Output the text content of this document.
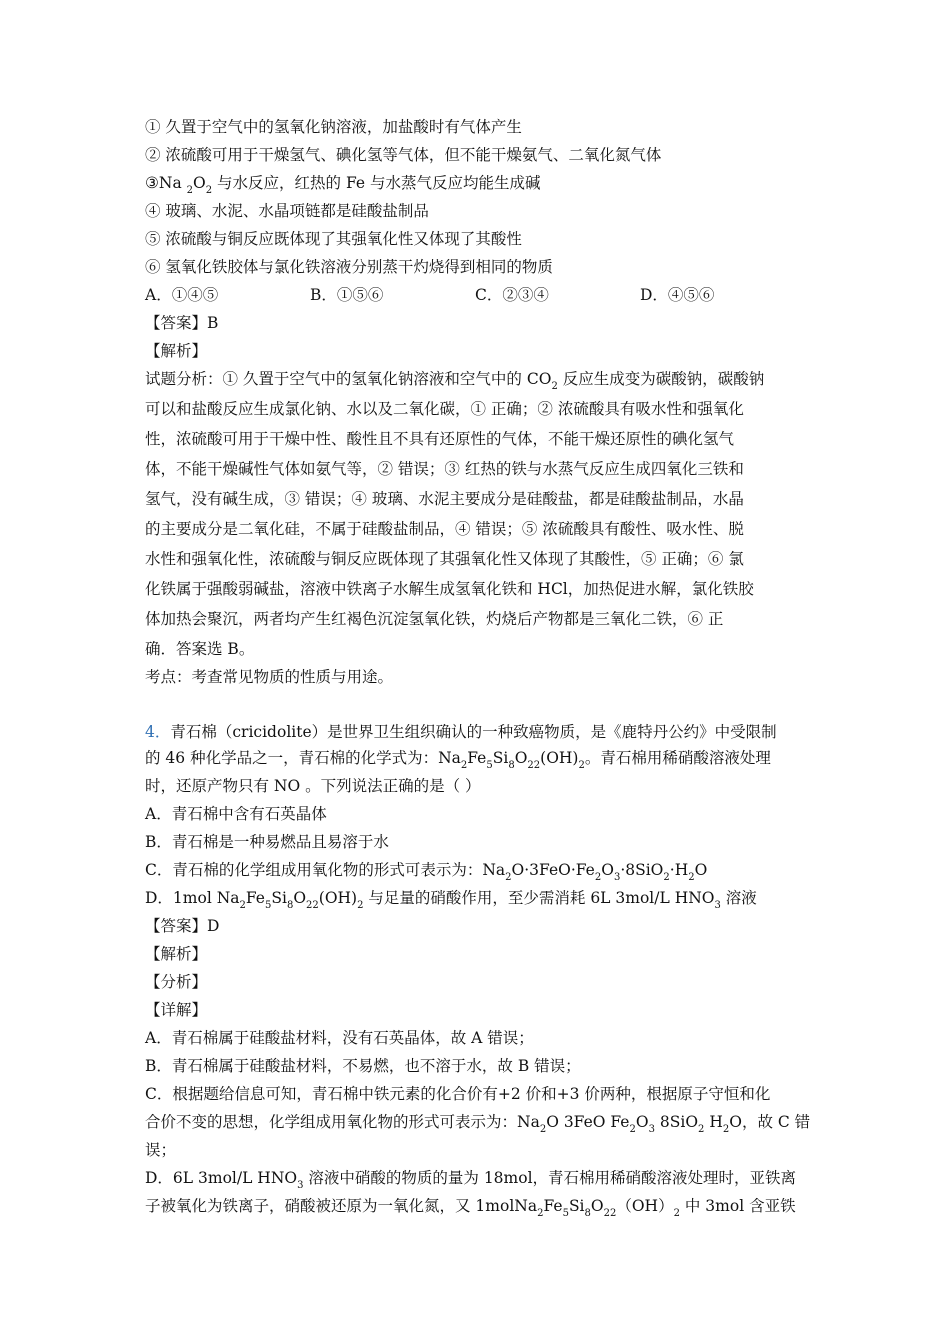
① 久置于空气中的氢氧化钠溶液，加盐酸时有气体产生
② 浓硫酸可用于干燥氢气、碘化氢等气体，但不能干燥氨气、二氧化氮气体
③Na $_2O_2$ 与水反应，红热的 Fe 与水蒸气反应均能生成碱
④ 玻璃、水泥、水晶项链都是硅酸盐制品
⑤ 浓硫酸与铜反应既体现了其强氧化性又体现了其酸性
⑥ 氢氧化铁胶体与氯化铁溶液分别蒸干灼烧得到相同的物质
A．①④⑤	B．①⑤⑥	C．②③④	D．④⑤⑥
【答案】B
【解析】
试题分析：① 久置于空气中的氢氧化钠溶液和空气中的 $CO_2$ 反应生成变为碳酸钠，碳酸钠
可以和盐酸反应生成氯化钠、水以及二氧化碳，① 正确；② 浓硫酸具有吸水性和强氧化
性，浓硫酸可用于干燥中性、酸性且不具有还原性的气体，不能干燥还原性的碘化氢气
体，不能干燥碱性气体如氨气等，② 错误；③ 红热的铁与水蒸气反应生成四氧化三铁和
氢气，没有碱生成，③ 错误；④ 玻璃、水泥主要成分是硅酸盐，都是硅酸盐制品，水晶
的主要成分是二氧化硅，不属于硅酸盐制品，④ 错误；⑤ 浓硫酸具有酸性、吸水性、脱
水性和强氧化性，浓硫酸与铜反应既体现了其强氧化性又体现了其酸性，⑤ 正确；⑥ 氯
化铁属于强酸弱碱盐，溶液中铁离子水解生成氢氧化铁和 HCl，加热促进水解，氯化铁胶
体加热会聚沉，两者均产生红褐色沉淀氢氧化铁，灼烧后产物都是三氧化二铁，⑥ 正
确．答案选 B。
考点：考查常见物质的性质与用途。
4．青石棉（cricidolite）是世界卫生组织确认的一种致癌物质，是《鹿特丹公约》中受限制
的 46 种化学品之一，青石棉的化学式为：$Na_2Fe_5Si_8O_{22}(OH)_2$。青石棉用稀硝酸溶液处理
时，还原产物只有 NO 。下列说法正确的是（ ）
A．青石棉中含有石英晶体
B．青石棉是一种易燃品且易溶于水
C．青石棉的化学组成用氧化物的形式可表示为：$Na_2O\cdot 3FeO\cdot Fe_2O_3\cdot 8SiO_2\cdot H_2O$
D．1mol $Na_2Fe_5Si_8O_{22}(OH)_2$ 与足量的硝酸作用，至少需消耗 6L 3mol/L $HNO_3$ 溶液
【答案】D
【解析】
【分析】
【详解】
A．青石棉属于硅酸盐材料，没有石英晶体，故 A 错误；
B．青石棉属于硅酸盐材料，不易燃，也不溶于水，故 B 错误；
C．根据题给信息可知，青石棉中铁元素的化合价有+2 价和+3 价两种，根据原子守恒和化
合价不变的思想，化学组成用氧化物的形式可表示为：$Na_2O$ 3FeO $Fe_2O_3$ 8SiO$_2$ $H_2O$，故 C 错
误；
D．6L 3mol/L $HNO_3$ 溶液中硝酸的物质的量为 18mol，青石棉用稀硝酸溶液处理时，亚铁离
子被氧化为铁离子，硝酸被还原为一氧化氮，又 $1molNa_2Fe_5Si_8O_{22}(OH)_2$ 中 3mol 含亚铁
